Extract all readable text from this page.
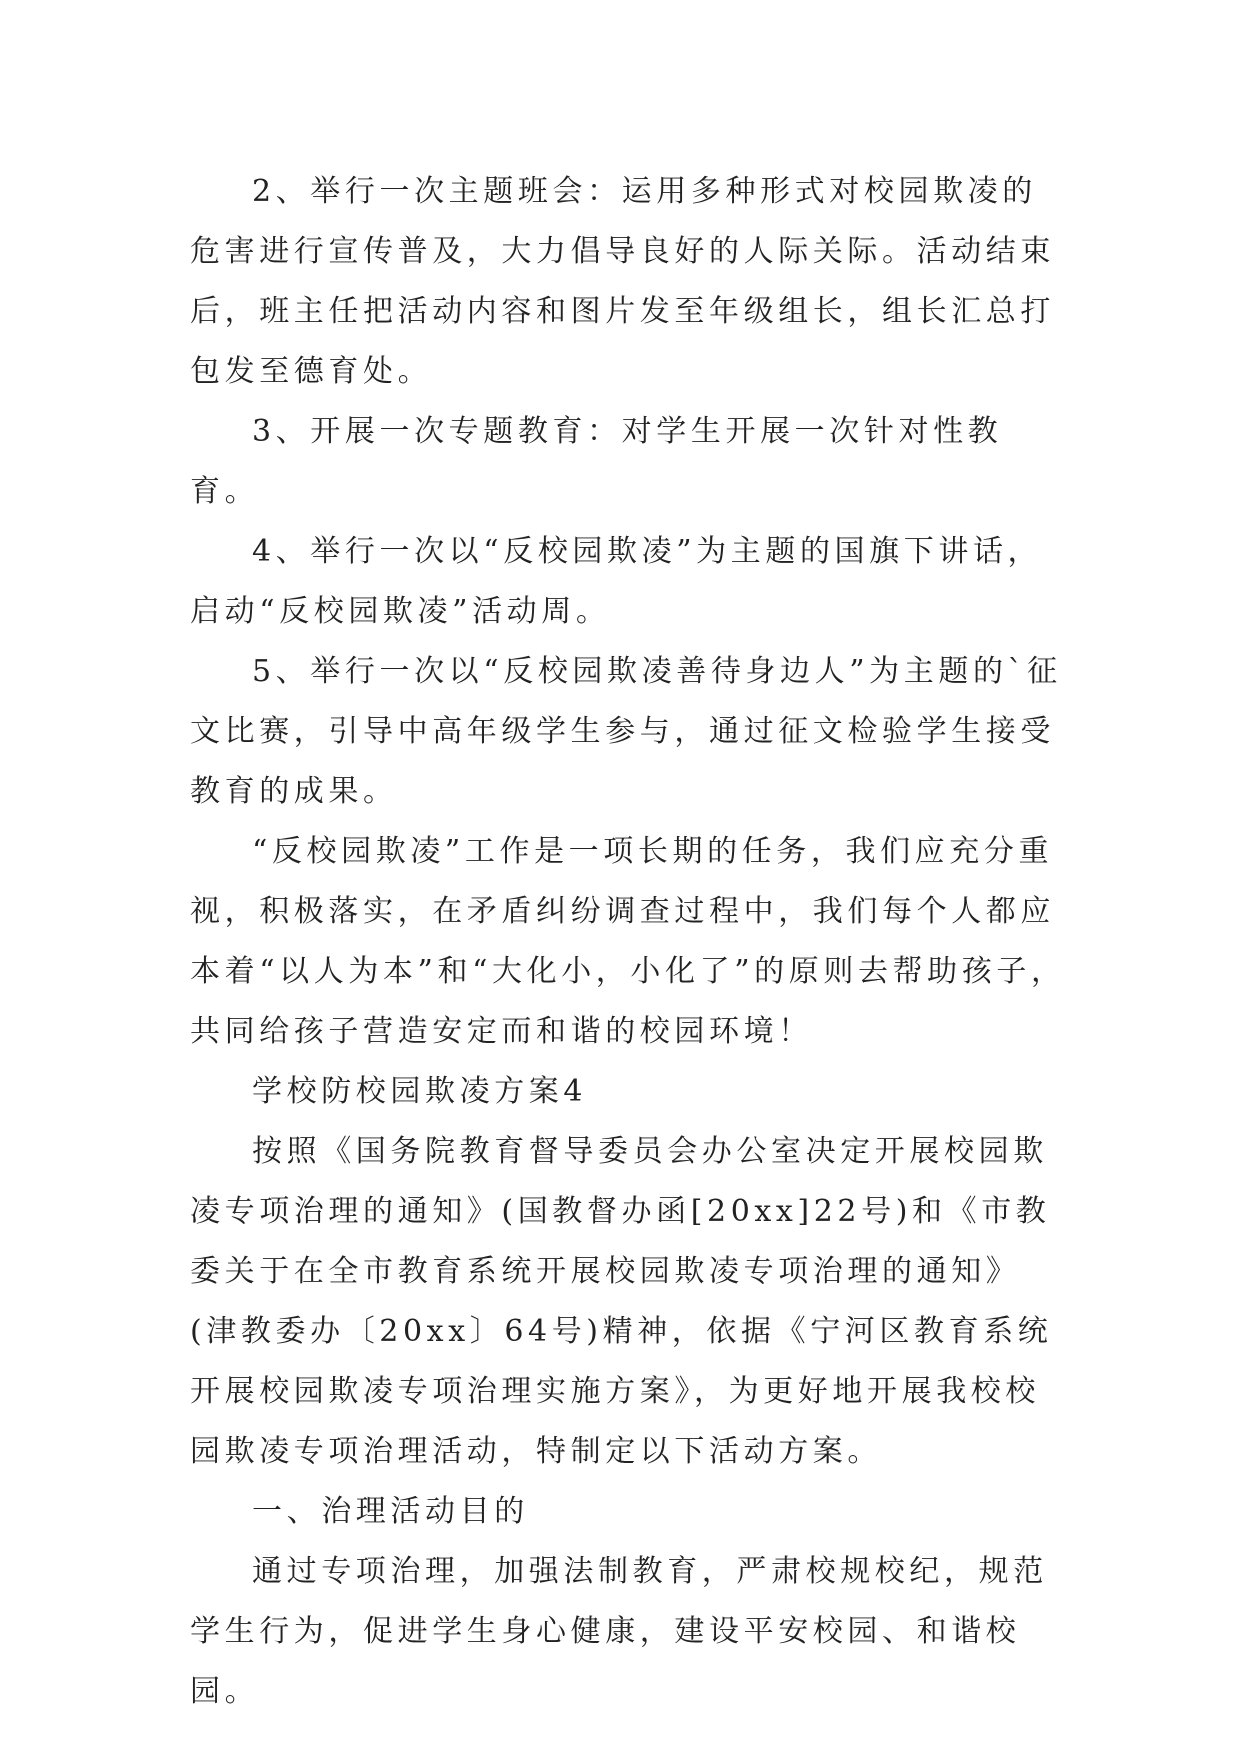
2、举行一次主题班会：运用多种形式对校园欺凌的危害进行宣传普及，大力倡导良好的人际关际。活动结束后，班主任把活动内容和图片发至年级组长，组长汇总打包发至德育处。

3、开展一次专题教育：对学生开展一次针对性教育。

4、举行一次以“反校园欺凌”为主题的国旗下讲话，启动“反校园欺凌”活动周。

5、举行一次以“反校园欺凌善待身边人”为主题的`征文比赛，引导中高年级学生参与，通过征文检验学生接受教育的成果。

“反校园欺凌”工作是一项长期的任务，我们应充分重视，积极落实，在矛盾纠纷调查过程中，我们每个人都应本着“以人为本”和“大化小，小化了”的原则去帮助孩子，共同给孩子营造安定而和谐的校园环境！

学校防校园欺凌方案4

按照《国务院教育督导委员会办公室决定开展校园欺凌专项治理的通知》(国教督办函[20xx]22号)和《市教委关于在全市教育系统开展校园欺凌专项治理的通知》(津教委办〔20xx〕64号)精神，依据《宁河区教育系统开展校园欺凌专项治理实施方案》，为更好地开展我校校园欺凌专项治理活动，特制定以下活动方案。

一、治理活动目的

通过专项治理，加强法制教育，严肃校规校纪，规范学生行为，促进学生身心健康，建设平安校园、和谐校园。
